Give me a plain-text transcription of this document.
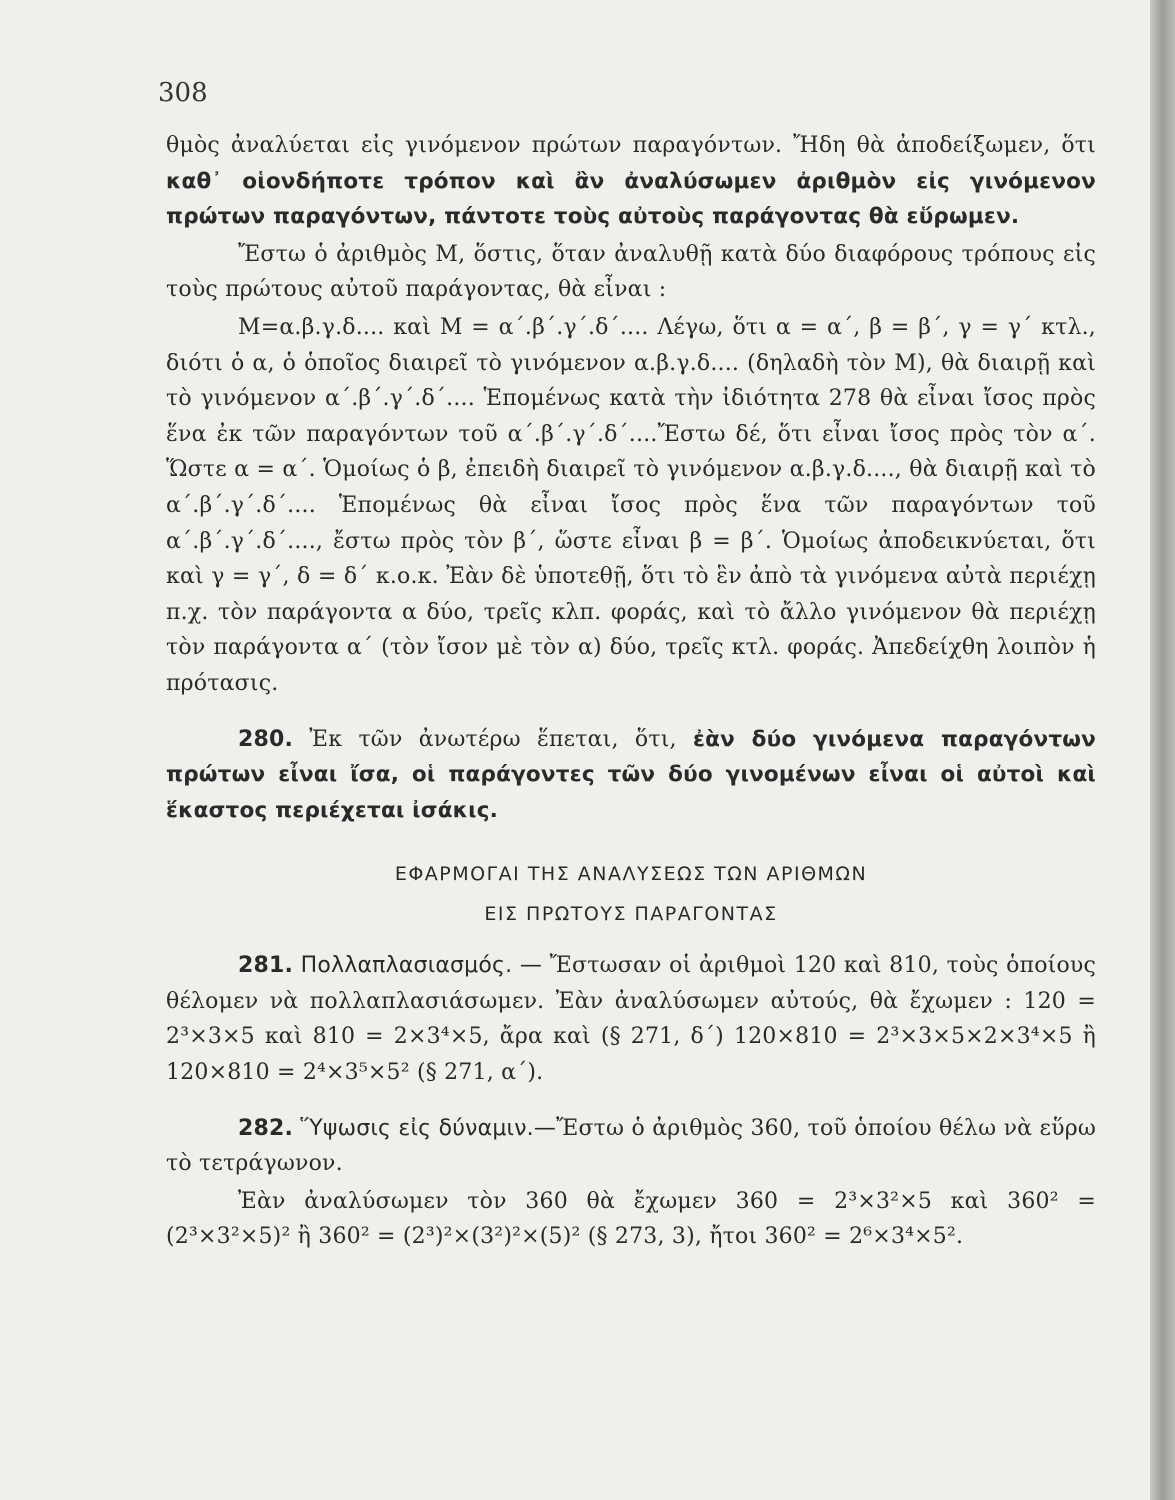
308

θμὸς ἀναλύεται εἰς γινόμενον πρώτων παραγόντων. Ἤδη θὰ ἀποδείξωμεν, ὅτι καθ᾽ οἱονδήποτε τρόπον καὶ ἂν ἀναλύσωμεν ἀριθμὸν εἰς γινόμενον πρώτων παραγόντων, πάντοτε τοὺς αὐτοὺς παράγοντας θὰ εὕρωμεν.

Ἔστω ὁ ἀριθμὸς Μ, ὅστις, ὅταν ἀναλυθῇ κατὰ δύο διαφόρους τρόπους εἰς τοὺς πρώτους αὐτοῦ παράγοντας, θὰ εἶναι :

Μ=α.β.γ.δ.... καὶ Μ = α΄.β΄.γ΄.δ΄.... Λέγω, ὅτι α = α΄, β = β΄, γ = γ΄ κτλ., διότι ὁ α, ὁ ὁποῖος διαιρεῖ τὸ γινόμενον α.β.γ.δ.... (δηλαδὴ τὸν Μ), θὰ διαιρῇ καὶ τὸ γινόμενον α΄.β΄.γ΄.δ΄.... Ἑπομένως κατὰ τὴν ἰδιότητα 278 θὰ εἶναι ἴσος πρὸς ἕνα ἐκ τῶν παραγόντων τοῦ α΄.β΄.γ΄.δ΄....Ἔστω δέ, ὅτι εἶναι ἴσος πρὸς τὸν α΄. Ὥστε α = α΄. Ὁμοίως ὁ β, ἐπειδὴ διαιρεῖ τὸ γινόμενον α.β.γ.δ...., θὰ διαιρῇ καὶ τὸ α΄.β΄.γ΄.δ΄.... Ἑπομένως θὰ εἶναι ἴσος πρὸς ἕνα τῶν παραγόντων τοῦ α΄.β΄.γ΄.δ΄...., ἔστω πρὸς τὸν β΄, ὥστε εἶναι β = β΄. Ὁμοίως ἀποδεικνύεται, ὅτι καὶ γ = γ΄, δ = δ΄ κ.ο.κ. Ἐὰν δὲ ὑποτεθῇ, ὅτι τὸ ἓν ἀπὸ τὰ γινόμενα αὐτὰ περιέχῃ π.χ. τὸν παράγοντα α δύο, τρεῖς κλπ. φοράς, καὶ τὸ ἄλλο γινόμενον θὰ περιέχῃ τὸν παράγοντα α΄ (τὸν ἴσον μὲ τὸν α) δύο, τρεῖς κτλ. φοράς. Ἀπεδείχθη λοιπὸν ἡ πρότασις.

280. Ἐκ τῶν ἀνωτέρω ἕπεται, ὅτι, ἐὰν δύο γινόμενα παραγόντων πρώτων εἶναι ἴσα, οἱ παράγοντες τῶν δύο γινομένων εἶναι οἱ αὐτοὶ καὶ ἕκαστος περιέχεται ἰσάκις.

ΕΦΑΡΜΟΓΑΙ ΤΗΣ ΑΝΑΛΥΣΕΩΣ ΤΩΝ ΑΡΙΘΜΩΝ
ΕΙΣ ΠΡΩΤΟΥΣ ΠΑΡΑΓΟΝΤΑΣ

281. Πολλαπλασιασμός. — Ἔστωσαν οἱ ἀριθμοὶ 120 καὶ 810, τοὺς ὁποίους θέλομεν νὰ πολλαπλασιάσωμεν. Ἐὰν ἀναλύσωμεν αὐτούς, θὰ ἔχωμεν : 120 = 2³×3×5 καὶ 810 = 2×3⁴×5, ἄρα καὶ (§ 271, δ΄) 120×810 = 2³×3×5×2×3⁴×5 ἢ 120×810 = 2⁴×3⁵×5² (§ 271, α΄).

282. Ὕψωσις εἰς δύναμιν.—Ἔστω ὁ ἀριθμὸς 360, τοῦ ὁποίου θέλω νὰ εὕρω τὸ τετράγωνον.

Ἐὰν ἀναλύσωμεν τὸν 360 θὰ ἔχωμεν 360 = 2³×3²×5 καὶ 360² = (2³×3²×5)² ἢ 360² = (2³)²×(3²)²×(5)² (§ 273, 3), ἤτοι 360² = 2⁶×3⁴×5².
